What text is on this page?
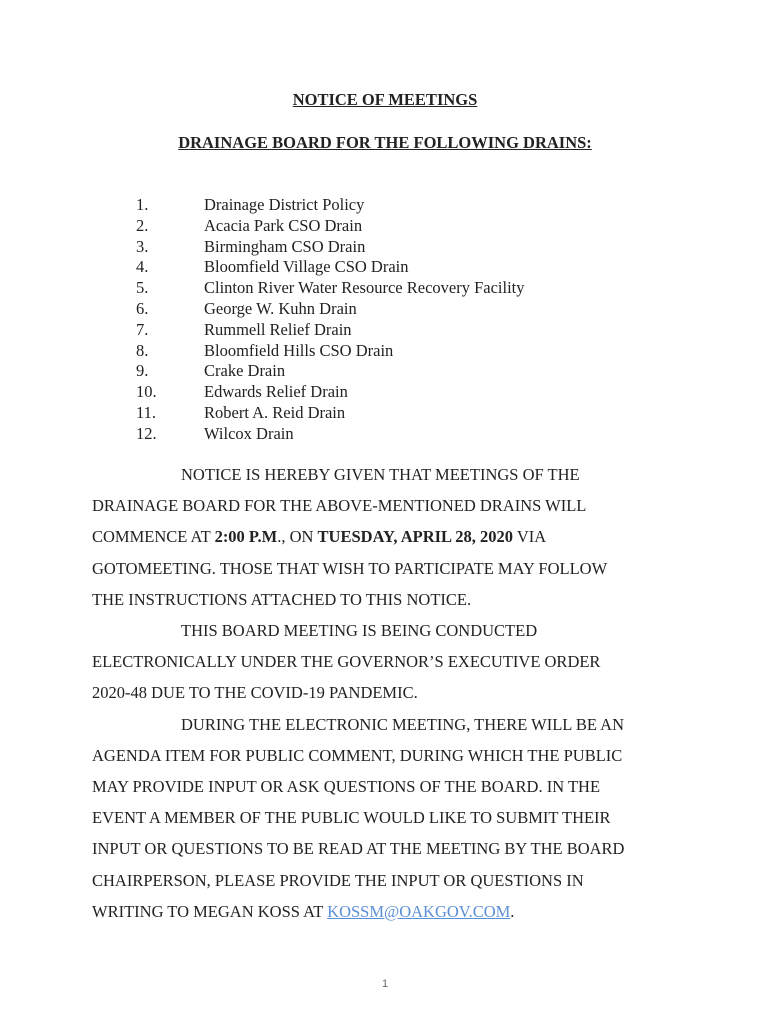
NOTICE OF MEETINGS
DRAINAGE BOARD FOR THE FOLLOWING DRAINS:
1.	Drainage District Policy
2.	Acacia Park CSO Drain
3.	Birmingham CSO Drain
4.	Bloomfield Village CSO Drain
5.	Clinton River Water Resource Recovery Facility
6.	George W. Kuhn Drain
7.	Rummell Relief Drain
8.	Bloomfield Hills CSO Drain
9.	Crake Drain
10.	Edwards Relief Drain
11.	Robert A. Reid Drain
12.	Wilcox Drain
NOTICE IS HEREBY GIVEN THAT MEETINGS OF THE
DRAINAGE BOARD FOR THE ABOVE-MENTIONED DRAINS WILL
COMMENCE AT 2:00 P.M., ON TUESDAY, APRIL 28, 2020 VIA
GOTOMEETING. THOSE THAT WISH TO PARTICIPATE MAY FOLLOW
THE INSTRUCTIONS ATTACHED TO THIS NOTICE.
THIS BOARD MEETING IS BEING CONDUCTED
ELECTRONICALLY UNDER THE GOVERNOR’S EXECUTIVE ORDER
2020-48 DUE TO THE COVID-19 PANDEMIC.
DURING THE ELECTRONIC MEETING, THERE WILL BE AN
AGENDA ITEM FOR PUBLIC COMMENT, DURING WHICH THE PUBLIC
MAY PROVIDE INPUT OR ASK QUESTIONS OF THE BOARD. IN THE
EVENT A MEMBER OF THE PUBLIC WOULD LIKE TO SUBMIT THEIR
INPUT OR QUESTIONS TO BE READ AT THE MEETING BY THE BOARD
CHAIRPERSON, PLEASE PROVIDE THE INPUT OR QUESTIONS IN
WRITING TO MEGAN KOSS AT KOSSM@OAKGOV.COM.
1
